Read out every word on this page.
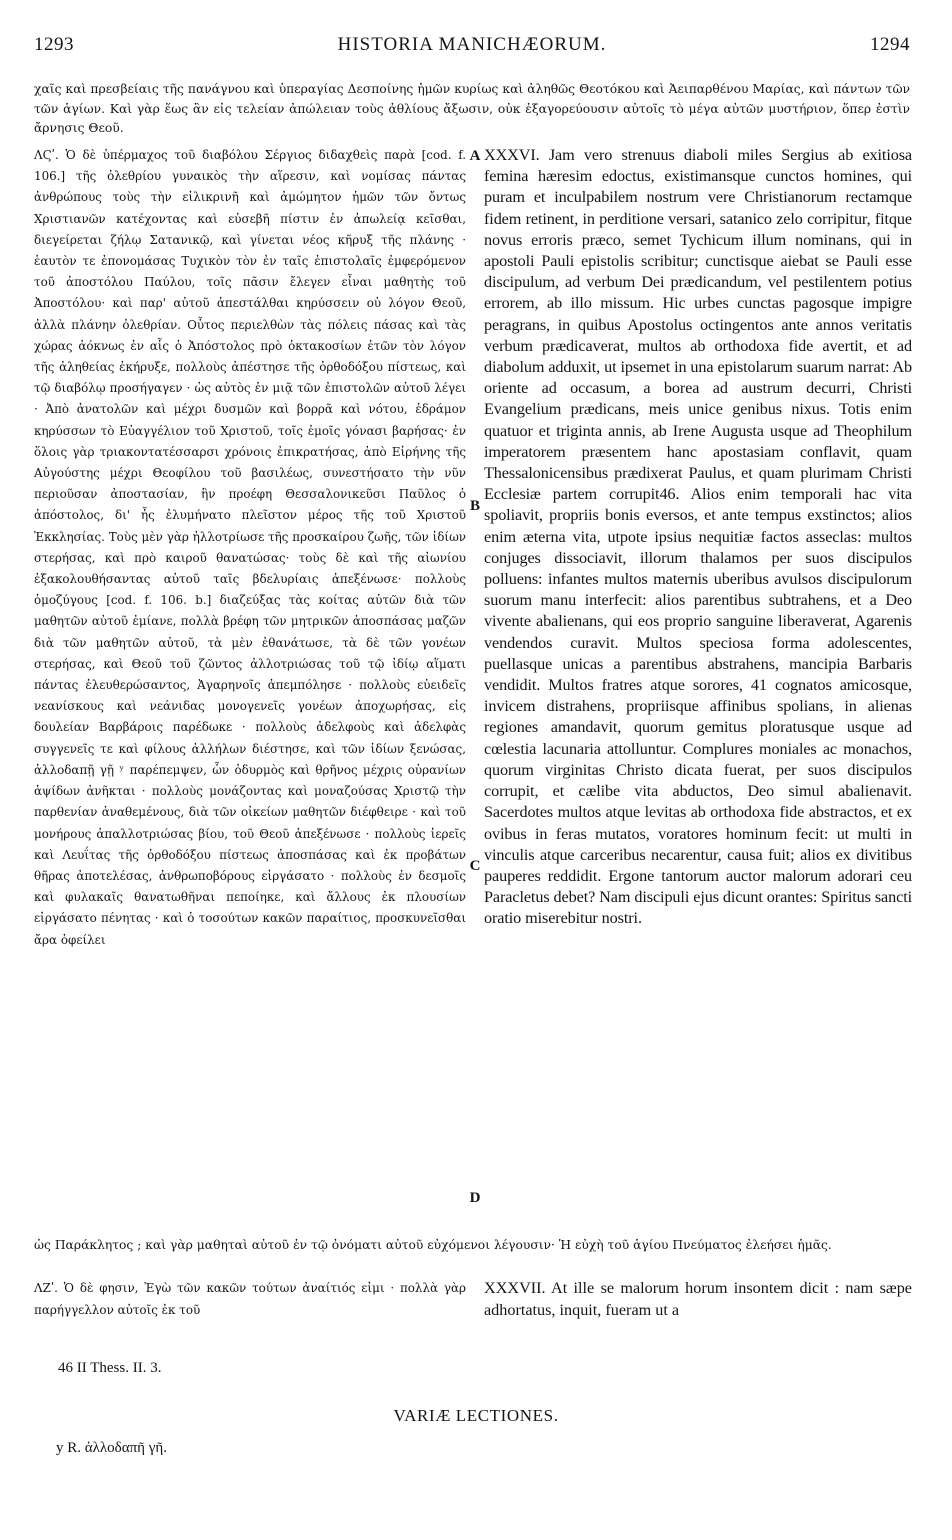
1293	HISTORIA MANICHÆORUM.	1294

χαῖς καὶ πρεσβείαις τῆς πανάγνου καὶ ὑπεραγίας Δεσποίνης ἡμῶν κυρίως καὶ ἀληθῶς Θεοτόκου καὶ Ἀειπαρθένου Μαρίας, καὶ πάντων τῶν τῶν ἁγίων. Καὶ γὰρ ἕως ἂν εἰς τελείαν ἀπώλειαν τοὺς ἀθλίους ἄξωσιν, οὐκ ἐξαγορεύουσιν αὐτοῖς τὸ μέγα αὐτῶν μυστήριον, ὅπερ ἐστὶν ἄρνησις Θεοῦ.

ΛϚʹ. Ὁ δὲ ὑπέρμαχος τοῦ διαβόλου Σέργιος διδαχθεὶς παρὰ [cod. f. 106.] τῆς ὀλεθρίου γυναικὸς τὴν αἵρεσιν, καὶ νομίσας πάντας ἀνθρώπους τοὺς τὴν εἰλικρινῆ καὶ ἀμώμητον ἡμῶν τῶν ὄντως Χριστιανῶν κατέχοντας καὶ εὐσεβῆ πίστιν ἐν ἀπωλείᾳ κεῖσθαι, διεγείρεται ζήλῳ Σατανικῷ, καὶ γίνεται νέος κῆρυξ τῆς πλάνης · ἑαυτὸν τε ἐπονομάσας Τυχικὸν τὸν ἐν ταῖς ἐπιστολαῖς ἐμφερόμενον τοῦ ἀποστόλου Παύλου, τοῖς πᾶσιν ἔλεγεν εἶναι μαθητὴς τοῦ Ἀποστόλου· καὶ παρ' αὐτοῦ ἀπεστάλθαι κηρύσσειν οὐ λόγον Θεοῦ, ἀλλὰ πλάνην ὀλεθρίαν. Οὗτος περιελθὼν τὰς πόλεις πάσας καὶ τὰς χώρας ἀόκνως ἐν αἷς ὁ Ἀπόστολος πρὸ ὀκτακοσίων ἐτῶν τὸν λόγον τῆς ἀληθείας ἐκήρυξε, πολλοὺς ἀπέστησε τῆς ὀρθοδόξου πίστεως, καὶ τῷ διαβόλῳ προσήγαγεν · ὡς αὐτὸς ἐν μιᾷ τῶν ἐπιστολῶν αὐτοῦ λέγει · Ἀπὸ ἀνατολῶν καὶ μέχρι δυσμῶν καὶ βορρᾶ καὶ νότου, ἐδράμον κηρύσσων τὸ Εὐαγγέλιον τοῦ Χριστοῦ, τοῖς ἐμοῖς γόνασι βαρήσας· ἐν ὅλοις γὰρ τριακοντατέσσαρσι χρόνοις ἐπικρατήσας, ἀπὸ Εἰρήνης τῆς Αὐγούστης μέχρι Θεοφίλου τοῦ βασιλέως, συνεστήσατο τὴν νῦν περιοῦσαν ἀποστασίαν, ἣν προέφη Θεσσαλονικεῦσι Παῦλος ὁ ἀπόστολος, δι' ἧς ἐλυμήνατο πλεῖστον μέρος τῆς τοῦ Χριστοῦ Ἐκκλησίας. Τοὺς μὲν γὰρ ἠλλοτρίωσε τῆς προσκαίρου ζωῆς, τῶν ἰδίων στερήσας, καὶ πρὸ καιροῦ θανατώσας· τοὺς δὲ καὶ τῆς αἰωνίου ἐξακολουθήσαντας αὐτοῦ ταῖς βδελυρίαις ἀπεξένωσε· πολλοὺς ὁμοζύγους [cod. f. 106. b.] διαζεύξας τὰς κοίτας αὐτῶν διὰ τῶν μαθητῶν αὐτοῦ ἐμίανε, πολλὰ βρέφη τῶν μητρικῶν ἀποσπάσας μαζῶν διὰ τῶν μαθητῶν αὐτοῦ, τὰ μὲν ἐθανάτωσε, τὰ δὲ τῶν γονέων στερήσας, καὶ Θεοῦ τοῦ ζῶντος ἀλλοτριώσας τοῦ τῷ ἰδίῳ αἵματι πάντας ἐλευθερώσαντος, Ἀγαρηνοῖς ἀπεμπόλησε · πολλοὺς εὐειδεῖς νεανίσκους καὶ νεάνιδας μονογενεῖς γονέων ἀποχωρήσας, εἰς δουλείαν Βαρβάροις παρέδωκε · πολλοὺς ἀδελφοὺς καὶ ἀδελφὰς συγγενεῖς τε καὶ φίλους ἀλλήλων διέστησε, καὶ τῶν ἰδίων ξενώσας, ἀλλοδαπῇ γῇ ʸ παρέπεμψεν, ὧν ὀδυρμὸς καὶ θρῆνος μέχρις οὐρανίων ἁψίδων ἀνῆκται · πολλοὺς μονάζοντας καὶ μοναζούσας Χριστῷ τὴν παρθενίαν ἀναθεμένους, διὰ τῶν οἰκείων μαθητῶν διέφθειρε · καὶ τοῦ μονήρους ἀπαλλοτριώσας βίου, τοῦ Θεοῦ ἀπεξένωσε · πολλοὺς ἱερεῖς καὶ Λευΐτας τῆς ὀρθοδόξου πίστεως ἀποσπάσας καὶ ἐκ προβάτων θῆρας ἀποτελέσας, ἀνθρωποβόρους εἰργάσατο · πολλοὺς ἐν δεσμοῖς καὶ φυλακαῖς θανατωθῆναι πεποίηκε, καὶ ἄλλους ἐκ πλουσίων εἰργάσατο πένητας · καὶ ὁ τοσούτων κακῶν παραίτιος, προσκυνεῖσθαι ἄρα ὀφείλει

XXXVI. Jam vero strenuus diaboli miles Sergius ab exitiosa femina hæresim edoctus, existimansque cunctos homines, qui puram et inculpabilem nostrum vere Christianorum rectamque fidem retinent, in perditione versari, satanico zelo corripitur, fitque novus erroris præco, semet Tychicum illum nominans, qui in apostoli Pauli epistolis scribitur; cunctisque aiebat se Pauli esse discipulum, ad verbum Dei prædicandum, vel pestilentem potius errorem, ab illo missum. Hic urbes cunctas pagosque impigre peragrans, in quibus Apostolus octingentos ante annos veritatis verbum prædicaverat, multos ab orthodoxa fide avertit, et ad diabolum adduxit, ut ipsemet in una epistolarum suarum narrat: Ab oriente ad occasum, a borea ad austrum decurri, Christi Evangelium prædicans, meis unice genibus nixus. Totis enim quatuor et triginta annis, ab Irene Augusta usque ad Theophilum imperatorem præsentem hanc apostasiam conflavit, quam Thessalonicensibus prædixerat Paulus, et quam plurimam Christi Ecclesiæ partem corrupit46. Alios enim temporali hac vita spoliavit, propriis bonis eversos, et ante tempus exstinctos; alios enim æterna vita, utpote ipsius nequitiæ factos asseclas: multos conjuges dissociavit, illorum thalamos per suos discipulos polluens: infantes multos maternis uberibus avulsos discipulorum suorum manu interfecit: alios parentibus subtrahens, et a Deo vivente abalienans, qui eos proprio sanguine liberaverat, Agarenis vendendos curavit. Multos speciosa forma adolescentes, puellasque unicas a parentibus abstrahens, mancipia Barbaris vendidit. Multos fratres atque sorores, 41 cognatos amicosque, invicem distrahens, propriisque affinibus spolians, in alienas regiones amandavit, quorum gemitus ploratusque usque ad cœlestia lacunaria attolluntur. Complures moniales ac monachos, quorum virginitas Christo dicata fuerat, per suos discipulos corrupit, et cælibe vita abductos, Deo simul abalienavit. Sacerdotes multos atque levitas ab orthodoxa fide abstractos, et ex ovibus in feras mutatos, voratores hominum fecit: ut multi in vinculis atque carceribus necarentur, causa fuit; alios ex divitibus pauperes reddidit. Ergone tantorum auctor malorum adorari ceu Paracletus debet? Nam discipuli ejus dicunt orantes: Spiritus sancti oratio miserebitur nostri.

A
B
C
D

ὡς Παράκλητος ; καὶ γὰρ μαθηταὶ αὐτοῦ ἐν τῷ ὀνόματι αὐτοῦ εὐχόμενοι λέγουσιν· Ἡ εὐχὴ τοῦ ἁγίου Πνεύματος ἐλεήσει ἡμᾶς.

ΛΖʹ. Ὁ δὲ φησιν, Ἐγὼ τῶν κακῶν τούτων ἀναίτιός εἰμι · πολλὰ γὰρ παρήγγελλον αὐτοῖς ἐκ τοῦ

XXXVII. At ille se malorum horum insontem dicit : nam sæpe adhortatus, inquit, fueram ut a

46 II Thess. II. 3.
VARIÆ LECTIONES.
y R. ἀλλοδαπῆ γῆ.
